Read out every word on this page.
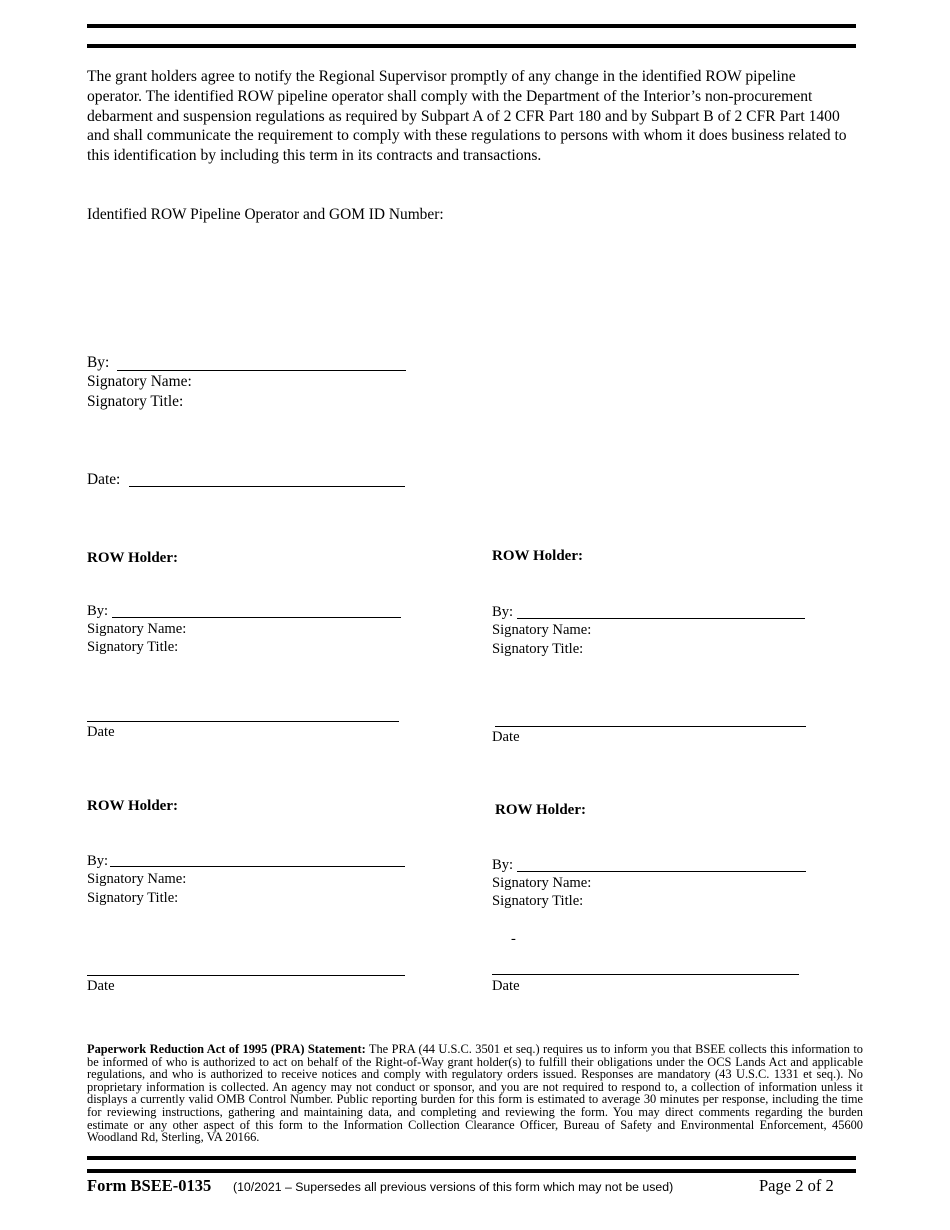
The grant holders agree to notify the Regional Supervisor promptly of any change in the identified ROW pipeline operator. The identified ROW pipeline operator shall comply with the Department of the Interior’s non-procurement debarment and suspension regulations as required by Subpart A of 2 CFR Part 180 and by Subpart B of 2 CFR Part 1400 and shall communicate the requirement to comply with these regulations to persons with whom it does business related to this identification by including this term in its contracts and transactions.
Identified ROW Pipeline Operator and GOM ID Number:
By:
Signatory Name:
Signatory Title:
Date:
ROW Holder:
By:
Signatory Name:
Signatory Title:
Date
ROW Holder:
By:
Signatory Name:
Signatory Title:
Date
ROW Holder:
By:
Signatory Name:
Signatory Title:
Date
ROW Holder:
By:
Signatory Name:
Signatory Title:
-
Date
Paperwork Reduction Act of 1995 (PRA) Statement: The PRA (44 U.S.C. 3501 et seq.) requires us to inform you that BSEE collects this information to be informed of who is authorized to act on behalf of the Right-of-Way grant holder(s) to fulfill their obligations under the OCS Lands Act and applicable regulations, and who is authorized to receive notices and comply with regulatory orders issued. Responses are mandatory (43 U.S.C. 1331 et seq.). No proprietary information is collected. An agency may not conduct or sponsor, and you are not required to respond to, a collection of information unless it displays a currently valid OMB Control Number. Public reporting burden for this form is estimated to average 30 minutes per response, including the time for reviewing instructions, gathering and maintaining data, and completing and reviewing the form. You may direct comments regarding the burden estimate or any other aspect of this form to the Information Collection Clearance Officer, Bureau of Safety and Environmental Enforcement, 45600 Woodland Rd, Sterling, VA 20166.
Form BSEE-0135 (10/2021 – Supersedes all previous versions of this form which may not be used)	Page 2 of 2
